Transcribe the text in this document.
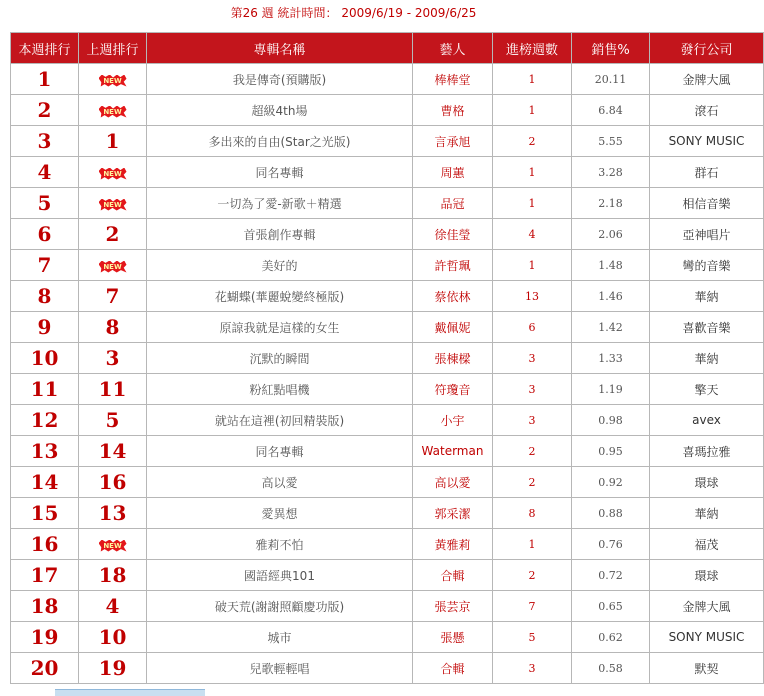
第26 週 統計時間： 2009/6/19 - 2009/6/25
本週排行	上週排行	專輯名稱	藝人	進榜週數	銷售%	發行公司
1	NEW	我是傳奇(預購版)	棒棒堂	1	20.11	金牌大風
2	NEW	超級4th場	曹格	1	6.84	滾石
3	1	多出來的自由(Star之光版)	言承旭	2	5.55	SONY MUSIC
4	NEW	同名專輯	周蕙	1	3.28	群石
5	NEW	一切為了愛-新歌＋精選	品冠	1	2.18	相信音樂
6	2	首張創作專輯	徐佳瑩	4	2.06	亞神唱片
7	NEW	美好的	許哲珮	1	1.48	彎的音樂
8	7	花蝴蝶(華麗蛻變終極版)	蔡依林	13	1.46	華納
9	8	原諒我就是這樣的女生	戴佩妮	6	1.42	喜歡音樂
10	3	沉默的瞬間	張棟樑	3	1.33	華納
11	11	粉紅點唱機	符瓊音	3	1.19	擎天
12	5	就站在這裡(初回精裝版)	小宇	3	0.98	avex
13	14	同名專輯	Waterman	2	0.95	喜瑪拉雅
14	16	高以愛	高以愛	2	0.92	環球
15	13	愛異想	郭采潔	8	0.88	華納
16	NEW	雅莉不怕	黃雅莉	1	0.76	福茂
17	18	國語經典101	合輯	2	0.72	環球
18	4	破天荒(謝謝照顧慶功版)	張芸京	7	0.65	金牌大風
19	10	城市	張懸	5	0.62	SONY MUSIC
20	19	兒歌輕輕唱	合輯	3	0.58	默契
